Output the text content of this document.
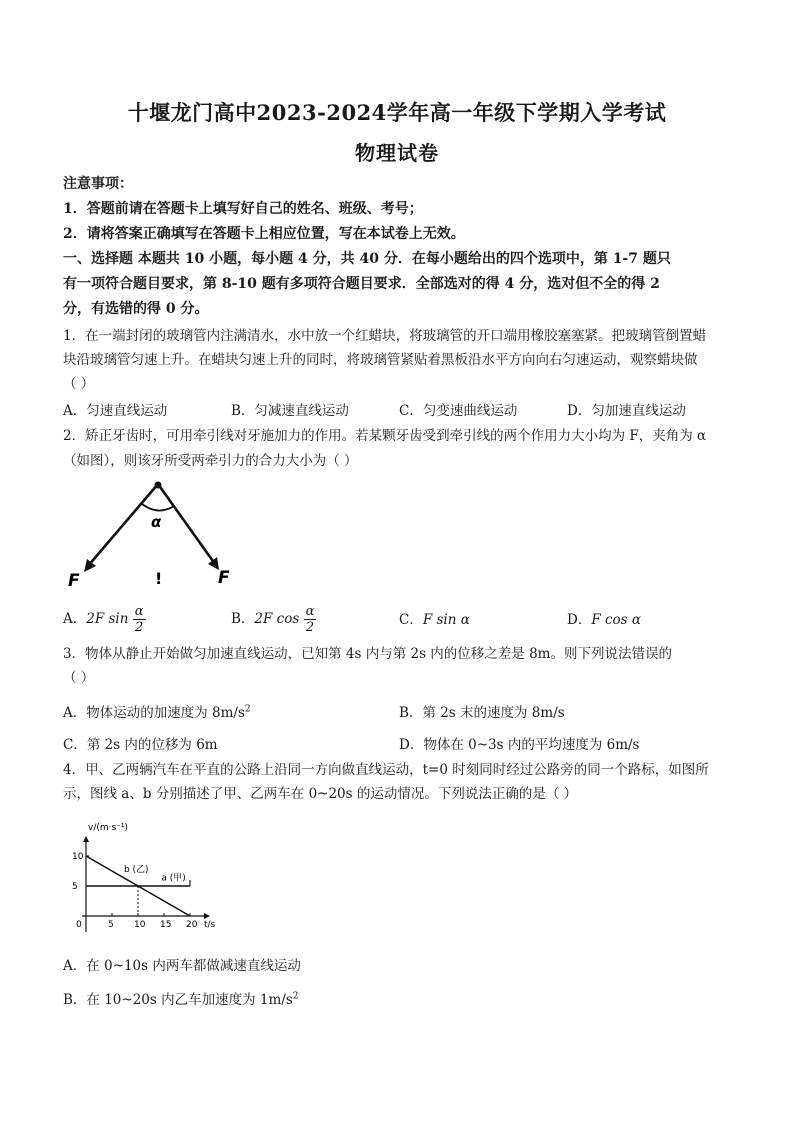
十堰龙门高中2023-2024学年高一年级下学期入学考试
物理试卷
注意事项：
1．答题前请在答题卡上填写好自己的姓名、班级、考号；
2．请将答案正确填写在答题卡上相应位置，写在本试卷上无效。
一、选择题 本题共 10 小题，每小题 4 分，共 40 分．在每小题给出的四个选项中，第 1-7 题只
有一项符合题目要求，第 8-10 题有多项符合题目要求．全部选对的得 4 分，选对但不全的得 2
分，有选错的得 0 分。
1．在一端封闭的玻璃管内注满清水，水中放一个红蜡块，将玻璃管的开口端用橡胶塞塞紧。把玻璃管倒置蜡
块沿玻璃管匀速上升。在蜡块匀速上升的同时，将玻璃管紧贴着黑板沿水平方向向右匀速运动，观察蜡块做
（ ）
A．匀速直线运动	B．匀减速直线运动	C．匀变速曲线运动	D．匀加速直线运动
2．矫正牙齿时，可用牵引线对牙施加力的作用。若某颗牙齿受到牵引线的两个作用力大小均为 F，夹角为 α
（如图），则该牙所受两牵引力的合力大小为（ ）
α
F	F
!
A．2F $\sin \frac{\alpha}{2}$	B．2F $\cos \frac{\alpha}{2}$	C．F sin α	D．F cos α
3．物体从静止开始做匀加速直线运动，已知第 4s 内与第 2s 内的位移之差是 8m。则下列说法错误的
（ ）
A．物体运动的加速度为 $8m/s^2$	B．第 2s 末的速度为 8m/s
C．第 2s 内的位移为 6m	D．物体在 0~3s 内的平均速度为 6m/s
4．甲、乙两辆汽车在平直的公路上沿同一方向做直线运动，t=0 时刻同时经过公路旁的同一个路标，如图所
示，图线 a、b 分别描述了甲、乙两车在 0~20s 的运动情况。下列说法正确的是（ ）
5 10 15 20
5
10
v/(m·s⁻¹)
t/s
0
b (乙)
a (甲)
A．在 0~10s 内两车都做减速直线运动
B．在 10~20s 内乙车加速度为 $1m/s^2$
